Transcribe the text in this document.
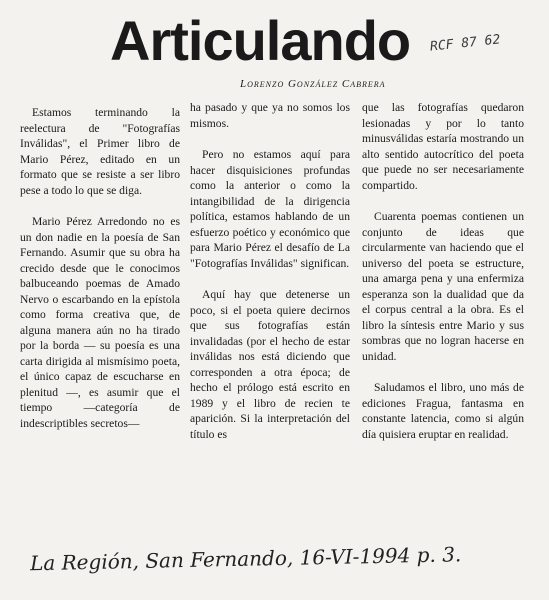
Articulando RCF 87 62
Lorenzo González Cabrera

Estamos terminando la reelectura de "Fotografías Inválidas", el Primer libro de Mario Pérez, editado en un formato que se resiste a ser libro pese a todo lo que se diga.

Mario Pérez Arredondo no es un don nadie en la poesía de San Fernando. Asumir que su obra ha crecido desde que le conocimos balbuceando poemas de Amado Nervo o escarbando en la epístola como forma creativa que, de alguna manera aún no ha tirado por la borda — su poesía es una carta dirigida al mismísimo poeta, el único capaz de escucharse en plenitud —, es asumir que el tiempo —categoría de indescriptibles secretos—

ha pasado y que ya no somos los mismos.

Pero no estamos aquí para hacer disquisiciones profundas como la anterior o como la intangibilidad de la dirigencia política, estamos hablando de un esfuerzo poético y económico que para Mario Pérez el desafío de La "Fotografías Inválidas" significan.

Aquí hay que detenerse un poco, si el poeta quiere decirnos que sus fotografías están invalidadas (por el hecho de estar inválidas nos está diciendo que corresponden a otra época; de hecho el prólogo está escrito en 1989 y el libro de recien te aparición. Si la interpretación del título es

que las fotografías quedaron lesionadas y por lo tanto minusválidas estaría mostrando un alto sentido autocrítico del poeta que puede no ser necesariamente compartido.

Cuarenta poemas contienen un conjunto de ideas que circularmente van haciendo que el universo del poeta se estructure, una amarga pena y una enfermiza esperanza son la dualidad que da el corpus central a la obra. Es el libro la síntesis entre Mario y sus sombras que no logran hacerse en unidad.

Saludamos el libro, uno más de ediciones Fragua, fantasma en constante latencia, como si algún día quisiera eruptar en realidad.

La Región, San Fernando, 16-VI-1994 p. 3.
